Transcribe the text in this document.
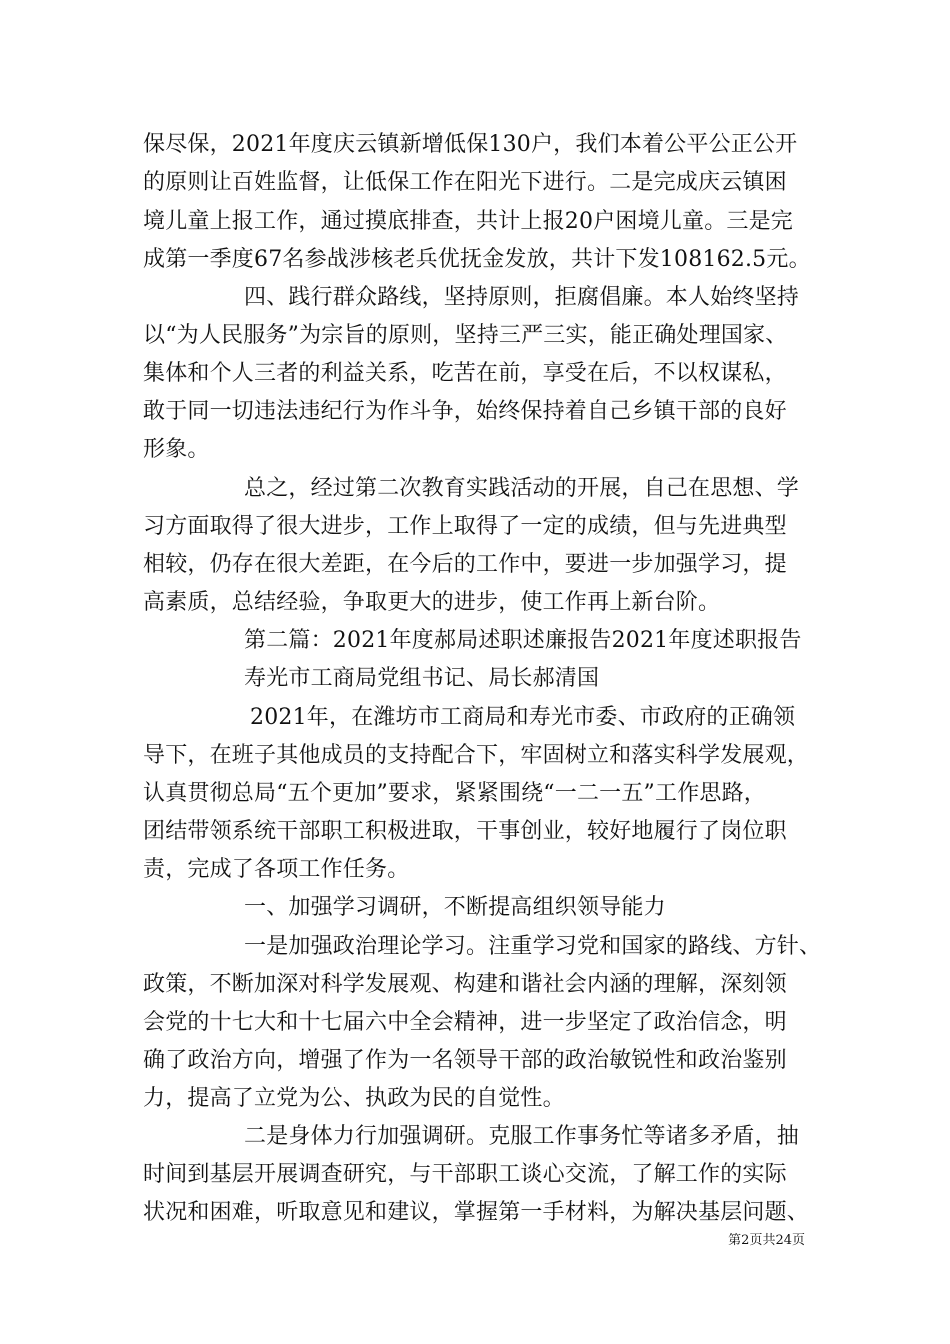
保尽保，2021年度庆云镇新增低保130户，我们本着公平公正公开
的原则让百姓监督，让低保工作在阳光下进行。二是完成庆云镇困
境儿童上报工作，通过摸底排查，共计上报20户困境儿童。三是完
成第一季度67名参战涉核老兵优抚金发放，共计下发108162.5元。
四、践行群众路线，坚持原则，拒腐倡廉。本人始终坚持
以“为人民服务”为宗旨的原则，坚持三严三实，能正确处理国家、
集体和个人三者的利益关系，吃苦在前，享受在后，不以权谋私，
敢于同一切违法违纪行为作斗争，始终保持着自己乡镇干部的良好
形象。
总之，经过第二次教育实践活动的开展，自己在思想、学
习方面取得了很大进步，工作上取得了一定的成绩，但与先进典型
相较，仍存在很大差距，在今后的工作中，要进一步加强学习，提
高素质，总结经验，争取更大的进步，使工作再上新台阶。
第二篇：2021年度郝局述职述廉报告2021年度述职报告
寿光市工商局党组书记、局长郝清国
2021年，在潍坊市工商局和寿光市委、市政府的正确领
导下，在班子其他成员的支持配合下，牢固树立和落实科学发展观，
认真贯彻总局“五个更加”要求，紧紧围绕“一二一五”工作思路，
团结带领系统干部职工积极进取，干事创业，较好地履行了岗位职
责，完成了各项工作任务。
一、加强学习调研，不断提高组织领导能力
一是加强政治理论学习。注重学习党和国家的路线、方针、
政策，不断加深对科学发展观、构建和谐社会内涵的理解，深刻领
会党的十七大和十七届六中全会精神，进一步坚定了政治信念，明
确了政治方向，增强了作为一名领导干部的政治敏锐性和政治鉴别
力，提高了立党为公、执政为民的自觉性。
二是身体力行加强调研。克服工作事务忙等诸多矛盾，抽
时间到基层开展调查研究，与干部职工谈心交流，了解工作的实际
状况和困难，听取意见和建议，掌握第一手材料，为解决基层问题、
第2页共24页
